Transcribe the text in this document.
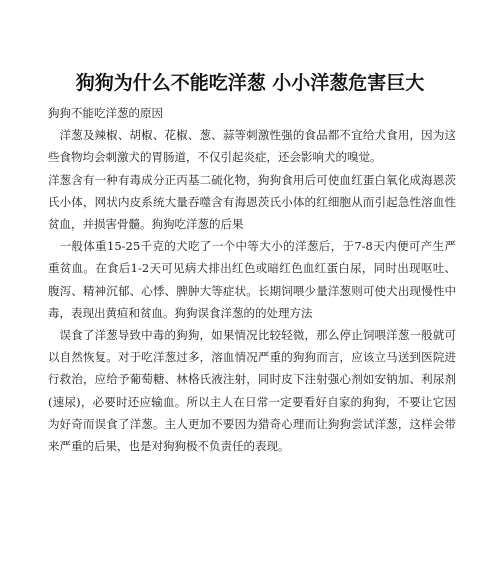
狗狗为什么不能吃洋葱 小小洋葱危害巨大

狗狗不能吃洋葱的原因

洋葱及辣椒、胡椒、花椒、葱、蒜等刺激性强的食品都不宜给犬食用，因为这些食物均会刺激犬的胃肠道，不仅引起炎症，还会影响犬的嗅觉。

洋葱含有一种有毒成分正丙基二硫化物，狗狗食用后可使血红蛋白氧化成海恩茨氏小体，网状内皮系统大量吞噬含有海恩茨氏小体的红细胞从而引起急性溶血性贫血，并损害骨髓。狗狗吃洋葱的后果

一般体重15-25千克的犬吃了一个中等大小的洋葱后，于7-8天内便可产生严重贫血。在食后1-2天可见病犬排出红色或暗红色血红蛋白尿，同时出现呕吐、腹泻、精神沉郁、心悸、脾肿大等症状。长期饲喂少量洋葱则可使犬出现慢性中毒，表现出黄疸和贫血。狗狗误食洋葱的的处理方法

误食了洋葱导致中毒的狗狗，如果情况比较轻微，那么停止饲喂洋葱一般就可以自然恢复。对于吃洋葱过多，溶血情况严重的狗狗而言，应该立马送到医院进行救治，应给予葡萄糖、林格氏液注射，同时皮下注射强心剂如安钠加、利尿剂(速尿)，必要时还应输血。所以主人在日常一定要看好自家的狗狗，不要让它因为好奇而误食了洋葱。主人更加不要因为猎奇心理而让狗狗尝试洋葱，这样会带来严重的后果，也是对狗狗极不负责任的表现。
